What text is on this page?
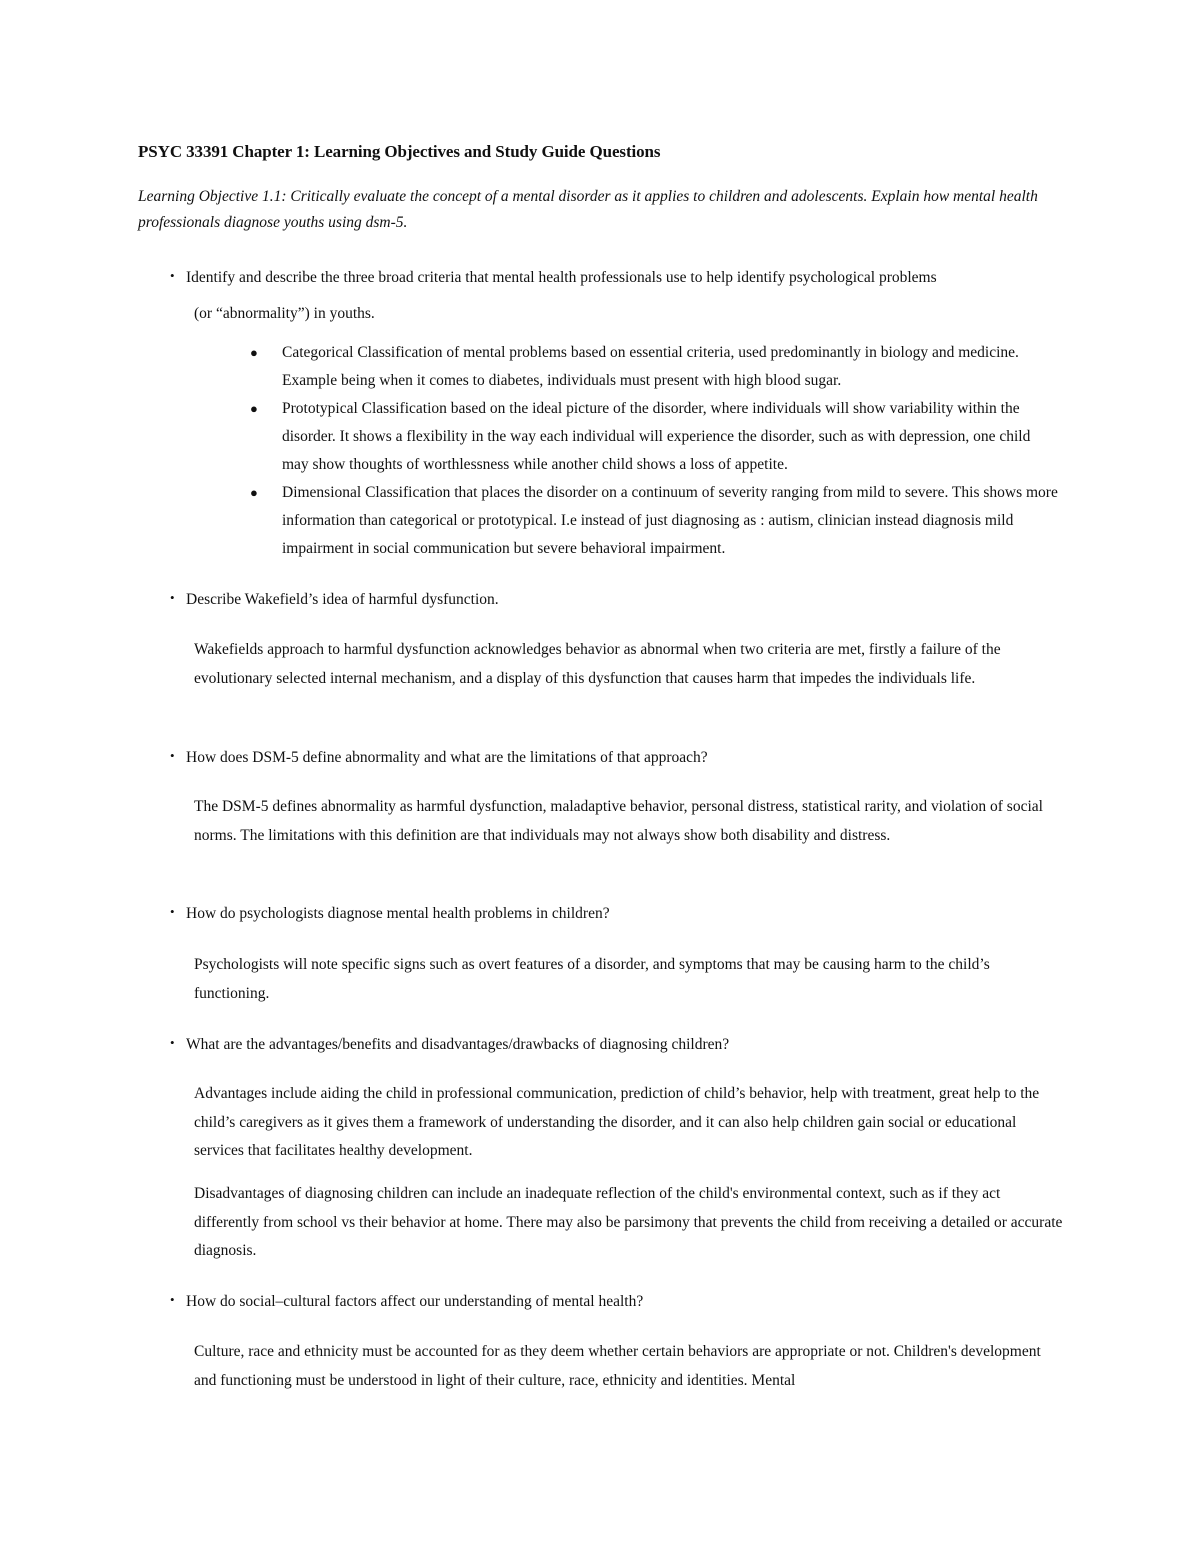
PSYC 33391 Chapter 1: Learning Objectives and Study Guide Questions
Learning Objective 1.1: Critically evaluate the concept of a mental disorder as it applies to children and adolescents. Explain how mental health professionals diagnose youths using dsm-5.
• Identify and describe the three broad criteria that mental health professionals use to help identify psychological problems
(or “abnormality”) in youths.
● Categorical Classification of mental problems based on essential criteria, used predominantly in biology and medicine. Example being when it comes to diabetes, individuals must present with high blood sugar.
● Prototypical Classification based on the ideal picture of the disorder, where individuals will show variability within the disorder. It shows a flexibility in the way each individual will experience the disorder, such as with depression, one child may show thoughts of worthlessness while another child shows a loss of appetite.
● Dimensional Classification that places the disorder on a continuum of severity ranging from mild to severe. This shows more information than categorical or prototypical. I.e instead of just diagnosing as : autism, clinician instead diagnosis mild impairment in social communication but severe behavioral impairment.
• Describe Wakefield’s idea of harmful dysfunction.
Wakefields approach to harmful dysfunction acknowledges behavior as abnormal when two criteria are met, firstly a failure of the evolutionary selected internal mechanism, and a display of this dysfunction that causes harm that impedes the individuals life.
• How does DSM-5 define abnormality and what are the limitations of that approach?
The DSM-5 defines abnormality as harmful dysfunction, maladaptive behavior, personal distress, statistical rarity, and violation of social norms. The limitations with this definition are that individuals may not always show both disability and distress.
• How do psychologists diagnose mental health problems in children?
Psychologists will note specific signs such as overt features of a disorder, and symptoms that may be causing harm to the child’s functioning.
• What are the advantages/benefits and disadvantages/drawbacks of diagnosing children?
Advantages include aiding the child in professional communication, prediction of child’s behavior, help with treatment, great help to the child’s caregivers as it gives them a framework of understanding the disorder, and it can also help children gain social or educational services that facilitates healthy development.
Disadvantages of diagnosing children can include an inadequate reflection of the child's environmental context, such as if they act differently from school vs their behavior at home. There may also be parsimony that prevents the child from receiving a detailed or accurate diagnosis.
• How do social–cultural factors affect our understanding of mental health?
Culture, race and ethnicity must be accounted for as they deem whether certain behaviors are appropriate or not. Children's development and functioning must be understood in light of their culture, race, ethnicity and identities. Mental
